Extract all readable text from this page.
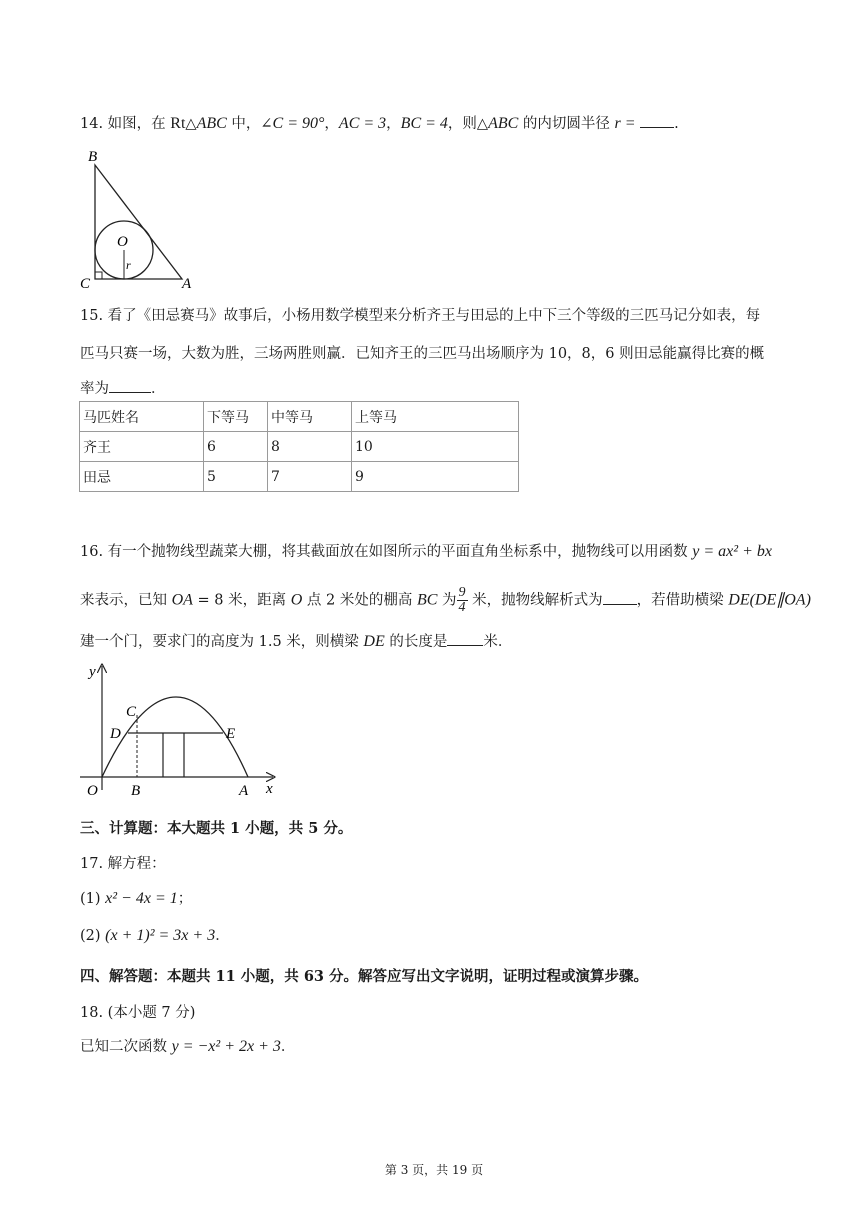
14. 如图，在 Rt△ABC 中，∠C = 90°，AC = 3，BC = 4，则△ABC 的内切圆半径 r =	.
B
C	A
O
r
15. 看了《田忌赛马》故事后，小杨用数学模型来分析齐王与田忌的上中下三个等级的三匹马记分如表，每
匹马只赛一场，大数为胜，三场两胜则赢．已知齐王的三匹马出场顺序为 10，8，6 则田忌能赢得比赛的概
率为	．
马匹姓名	下等马	中等马	上等马
齐王	6	8	10
田忌	5	7	9
16. 有一个抛物线型蔬菜大棚，将其截面放在如图所示的平面直角坐标系中，抛物线可以用函数 y = ax² + bx
来表示，已知 OA = 8 米，距离 O 点 2 米处的棚高 BC 为 $\frac{9}{4}$ 米，抛物线解析式为 ，若借助横梁 DE(DE∥OA)
建一个门，要求门的高度为 1.5 米，则横梁 DE 的长度是 米．
y
x
O B	A
C
D	E
三、计算题：本大题共 1 小题，共 5 分。
17. 解方程：
(1) x² − 4x = 1；
(2) (x + 1)² = 3x + 3．
四、解答题：本题共 11 小题，共 63 分。解答应写出文字说明，证明过程或演算步骤。
18. (本小题 7 分)
已知二次函数 y = −x² + 2x + 3．
第 3 页，共 19 页
